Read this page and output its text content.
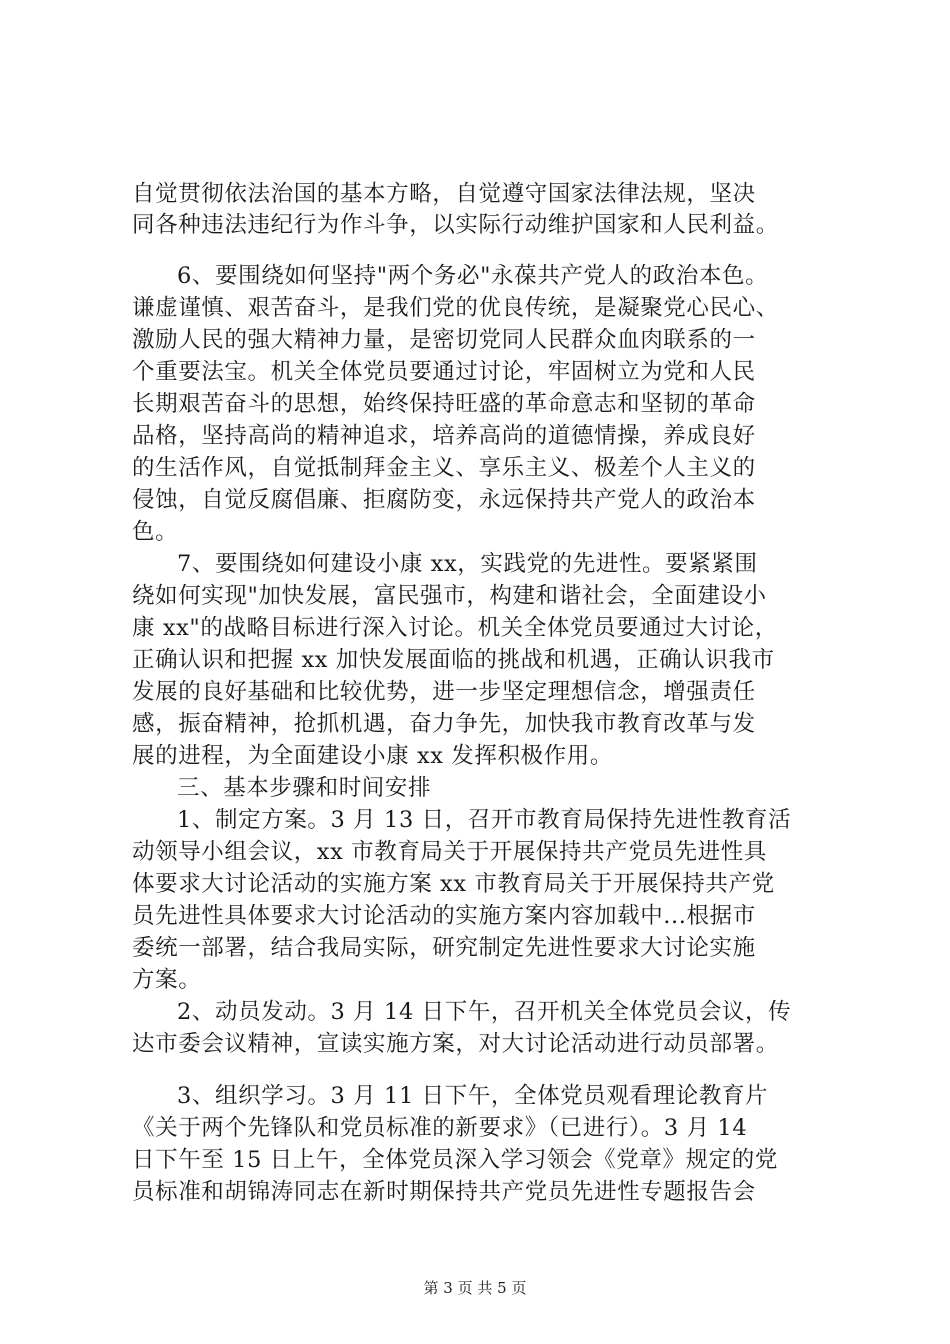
自觉贯彻依法治国的基本方略，自觉遵守国家法律法规，坚决
同各种违法违纪行为作斗争，以实际行动维护国家和人民利益。
6、要围绕如何坚持"两个务必"永葆共产党人的政治本色。
谦虚谨慎、艰苦奋斗，是我们党的优良传统，是凝聚党心民心、
激励人民的强大精神力量，是密切党同人民群众血肉联系的一
个重要法宝。机关全体党员要通过讨论，牢固树立为党和人民
长期艰苦奋斗的思想，始终保持旺盛的革命意志和坚韧的革命
品格，坚持高尚的精神追求，培养高尚的道德情操，养成良好
的生活作风，自觉抵制拜金主义、享乐主义、极差个人主义的
侵蚀，自觉反腐倡廉、拒腐防变，永远保持共产党人的政治本
色。
7、要围绕如何建设小康 xx，实践党的先进性。要紧紧围
绕如何实现"加快发展，富民强市，构建和谐社会，全面建设小
康 xx"的战略目标进行深入讨论。机关全体党员要通过大讨论，
正确认识和把握 xx 加快发展面临的挑战和机遇，正确认识我市
发展的良好基础和比较优势，进一步坚定理想信念，增强责任
感，振奋精神，抢抓机遇，奋力争先，加快我市教育改革与发
展的进程，为全面建设小康 xx 发挥积极作用。
三、基本步骤和时间安排
1、制定方案。3 月 13 日，召开市教育局保持先进性教育活
动领导小组会议，xx 市教育局关于开展保持共产党员先进性具
体要求大讨论活动的实施方案 xx 市教育局关于开展保持共产党
员先进性具体要求大讨论活动的实施方案内容加载中...根据市
委统一部署，结合我局实际，研究制定先进性要求大讨论实施
方案。
2、动员发动。3 月 14 日下午，召开机关全体党员会议，传
达市委会议精神，宣读实施方案，对大讨论活动进行动员部署。
3、组织学习。3 月 11 日下午，全体党员观看理论教育片
《关于两个先锋队和党员标准的新要求》（已进行）。3 月 14
日下午至 15 日上午，全体党员深入学习领会《党章》规定的党
员标准和胡锦涛同志在新时期保持共产党员先进性专题报告会
第 3 页 共 5 页
